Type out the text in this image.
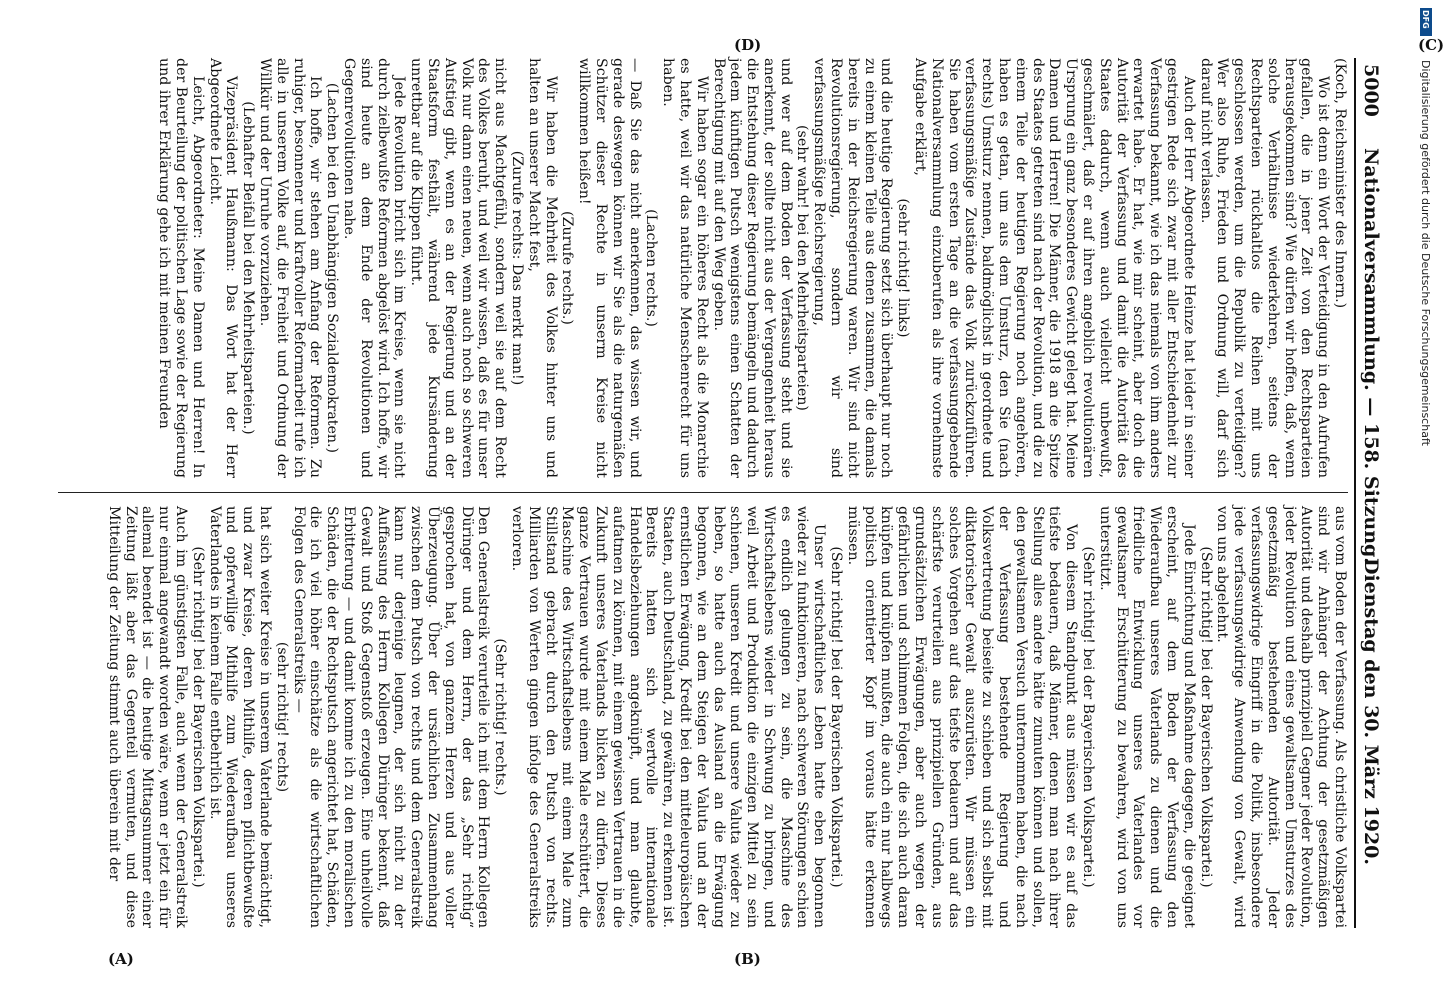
5000
Nationalversammlung. — 158. Sitzung.
Dienstag den 30. März 1920.

(Koch, Reichsminister des Innern.)

Wo ist denn ein Wort der Verteidigung in den Aufrufen gefallen, die in jener Zeit von den Rechtsparteien herausgekommen sind? Wie dürfen wir hoffen, daß, wenn solche Verhältnisse wiederkehren, seitens der Rechtsparteien rückhaltlos die Reihen mit uns geschlossen werden, um die Republik zu verteidigen? Wer also Ruhe, Frieden und Ordnung will, darf sich darauf nicht verlassen.

Auch der Herr Abgeordnete Heinze hat leider in seiner gestrigen Rede sich zwar mit aller Entschiedenheit zur Verfassung bekannt, wie ich das niemals von ihm anders erwartet habe. Er hat, wie mir scheint, aber doch die Autorität der Verfassung und damit die Autorität des Staates dadurch, wenn auch vielleicht unbewußt, geschmälert, daß er auf ihren angeblich revolutionären Ursprung ein ganz besonderes Gewicht gelegt hat. Meine Damen und Herren! Die Männer, die 1918 an die Spitze des Staates getreten sind nach der Revolution, und die zu einem Teile der heutigen Regierung noch angehören, haben es getan, um aus dem Umsturz, den Sie (nach rechts) Umsturz nennen, baldmöglichst in geordnete und verfassungsmäßige Zustände das Volk zurückzuführen. Sie haben vom ersten Tage an die verfassunggebende Nationalversammlung einzuberufen als ihre vornehmste Aufgabe erklärt,

(sehr richtig! links)

und die heutige Regierung setzt sich überhaupt nur noch zu einem kleinen Teile aus denen zusammen, die damals bereits in der Reichsregierung waren. Wir sind nicht Revolutionsregierung, sondern wir sind verfassungsmäßige Reichsregierung,

(sehr wahr! bei den Mehrheitsparteien)

und wer auf dem Boden der Verfassung steht und sie anerkennt, der sollte nicht aus der Vergangenheit heraus die Entstehung dieser Regierung bemängeln und dadurch jedem künftigen Putsch wenigstens einen Schatten der Berechtigung mit auf den Weg geben.

Wir haben sogar ein höheres Recht als die Monarchie es hatte, weil wir das natürliche Menschenrecht für uns haben.

(Lachen rechts.)

— Daß Sie das nicht anerkennen, das wissen wir, und gerade deswegen können wir Sie als die naturgemäßen Schützer dieser Rechte in unserm Kreise nicht willkommen heißen!

(Zurufe rechts.)

Wir haben die Mehrheit des Volkes hinter uns und halten an unserer Macht fest,

(Zurufe rechts: Das merkt man!)

nicht aus Machtgefühl, sondern weil sie auf dem Recht des Volkes beruht, und weil wir wissen, daß es für unser Volk nur dann einen neuen, wenn auch noch so schweren Aufstieg gibt, wenn es an der Regierung und an der Staatsform festhält, während jede Kursänderung unrettbar auf die Klippen führt.

Jede Revolution bricht sich im Kreise, wenn sie nicht durch zielbewußte Reformen abgelöst wird. Ich hoffe, wir sind heute an dem Ende der Revolutionen und Gegenrevolutionen nahe.

(Lachen bei den Unabhängigen Sozialdemokraten.)

Ich hoffe, wir stehen am Anfang der Reformen. Zu ruhiger, besonnener und kraftvoller Reformarbeit rufe ich alle in unserem Volke auf, die Freiheit und Ordnung der Willkür und der Unruhe vorzuziehen.

(Lebhafter Beifall bei den Mehrheitsparteien.)

Vizepräsident Haußmann: Das Wort hat der Herr Abgeordnete Leicht.

Leicht, Abgeordneter: Meine Damen und Herren! In der Beurteilung der politischen Lage sowie der Regierung und ihrer Erklärung gehe ich mit meinen Freunden

aus vom Boden der Verfassung. Als christliche Volkspartei sind wir Anhänger der Achtung der gesetzmäßigen Autorität und deshalb prinzipiell Gegner jeder Revolution, jeder Revolution und eines gewaltsamen Umsturzes des gesetzmäßig bestehenden Autorität. Jeder verfassungswidrige Eingriff in die Politik, insbesondere jede verfassungswidrige Anwendung von Gewalt, wird von uns abgelehnt.

(Sehr richtig! bei der Bayerischen Volkspartei.)

Jede Einrichtung und Maßnahme dagegen, die geeignet erscheint, auf dem Boden der Verfassung den Wiederaufbau unseres Vaterlands zu dienen und die friedliche Entwicklung unseres Vaterlandes vor gewaltsamer Erschütterung zu bewahren, wird von uns unterstützt.

(Sehr richtig! bei der Bayerischen Volkspartei.)

Von diesem Standpunkt aus müssen wir es auf das tiefste bedauern, daß Männer, denen man nach ihrer Stellung alles andere hätte zumuten können und sollen, den gewaltsamen Versuch unternommen haben, die nach der Verfassung bestehende Regierung und Volksvertretung beiseite zu schieben und sich selbst mit diktatorischer Gewalt auszurüsten. Wir müssen ein solches Vorgehen auf das tiefste bedauern und auf das schärfste verurteilen aus prinzipiellen Gründen, aus grundsätzlichen Erwägungen, aber auch wegen der gefährlichen und schlimmen Folgen, die sich auch daran knüpfen und knüpfen mußten, die auch ein nur halbwegs politisch orientierter Kopf im voraus hätte erkennen müssen.

(Sehr richtig! bei der Bayerischen Volkspartei.)

Unser wirtschaftliches Leben hatte eben begonnen wieder zu funktionieren, nach schweren Störungen schien es endlich gelungen zu sein, die Maschine des Wirtschaftslebens wieder in Schwung zu bringen, und weil Arbeit und Produktion die einzigen Mittel zu sein schienen, unseren Kredit und unsere Valuta wieder zu heben, so hatte auch das Ausland an die Erwägung begonnen, wie an dem Steigen der Valuta und an der ernstlichen Erwägung, Kredit bei den mitteleuropäischen Staaten, auch Deutschland, zu gewähren, zu erkennen ist. Bereits hatten sich wertvolle internationale Handelsbeziehungen angeknüpft, und man glaubte, aufatmen zu können, mit einem gewissen Vertrauen in die Zukunft unseres Vaterlands blicken zu dürfen. Dieses ganze Vertrauen wurde mit einem Male erschüttert, die Maschine des Wirtschaftslebens mit einem Male zum Stillstand gebracht durch den Putsch von rechts. Milliarden von Werten gingen infolge des Generalstreiks verloren.

(Sehr richtig! rechts.)

Den Generalstreik verurteile ich mit dem Herrn Kollegen Düringer und dem Herrn, der das „Sehr richtig“ gesprochen hat, von ganzem Herzen und aus voller Überzeugung. Über der ursächlichen Zusammenhang zwischen dem Putsch von rechts und dem Generalstreik kann nur derjenige leugnen, der sich nicht zu der Auffassung des Herrn Kollegen Düringer bekennt, daß Gewalt und Stoß Gegenstoß erzeugen. Eine unheilvolle Erbitterung — und damit komme ich zu den moralischen Schäden, die der Rechtsputsch angerichtet hat, Schäden, die ich viel höher einschätze als die wirtschaftlichen Folgen des Generalstreiks —

(sehr richtig! rechts)

hat sich weiter Kreise in unserem Vaterlande bemächtigt, und zwar Kreise, deren Mithilfe, deren pflichtbewußte und opferwillige Mithilfe zum Wiederaufbau unseres Vaterlandes in keinem Falle entbehrlich ist.

(Sehr richtig! bei der Bayerischen Volkspartei.)

Auch im günstigsten Falle, auch wenn der Generalstreik nur einmal angewandt worden wäre, wenn er jetzt ein für allemal beendet ist — die heutige Mittagsnummer einer Zeitung läßt aber das Gegenteil vermuten, und diese Mitteilung der Zeitung stimmt auch überein mit der

(C)
(D)
(A)	(B)
Digitalisierung gefördert durch die Deutsche Forschungsgemeinschaft
DFG
